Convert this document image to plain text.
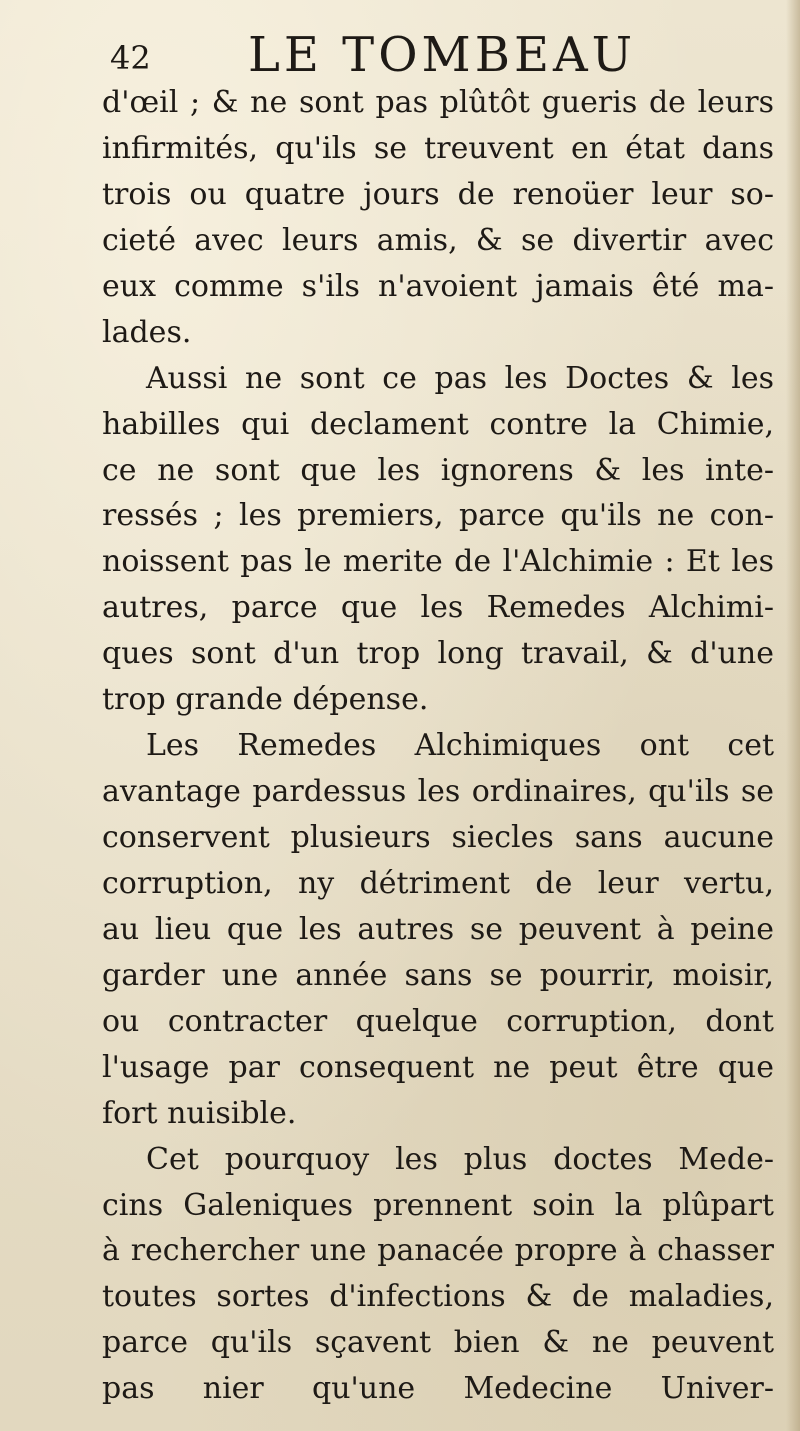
42 LE TOMBEAU
d'œil ; & ne sont pas plûtôt gueris de leurs
infirmités, qu'ils se treuvent en état dans
trois ou quatre jours de renoüer leur so-
cieté avec leurs amis, & se divertir avec
eux comme s'ils n'avoient jamais êté ma-
lades.
Aussi ne sont ce pas les Doctes & les
habilles qui declament contre la Chimie,
ce ne sont que les ignorens & les inte-
ressés ; les premiers, parce qu'ils ne con-
noissent pas le merite de l'Alchimie : Et les
autres, parce que les Remedes Alchimi-
ques sont d'un trop long travail, & d'une
trop grande dépense.
Les Remedes Alchimiques ont cet
avantage pardessus les ordinaires, qu'ils se
conservent plusieurs siecles sans aucune
corruption, ny détriment de leur vertu,
au lieu que les autres se peuvent à peine
garder une année sans se pourrir, moisir,
ou contracter quelque corruption, dont
l'usage par consequent ne peut être que
fort nuisible.
Cet pourquoy les plus doctes Mede-
cins Galeniques prennent soin la plûpart
à rechercher une panacée propre à chasser
toutes sortes d'infections & de maladies,
parce qu'ils sçavent bien & ne peuvent
pas nier qu'une Medecine Univer-
